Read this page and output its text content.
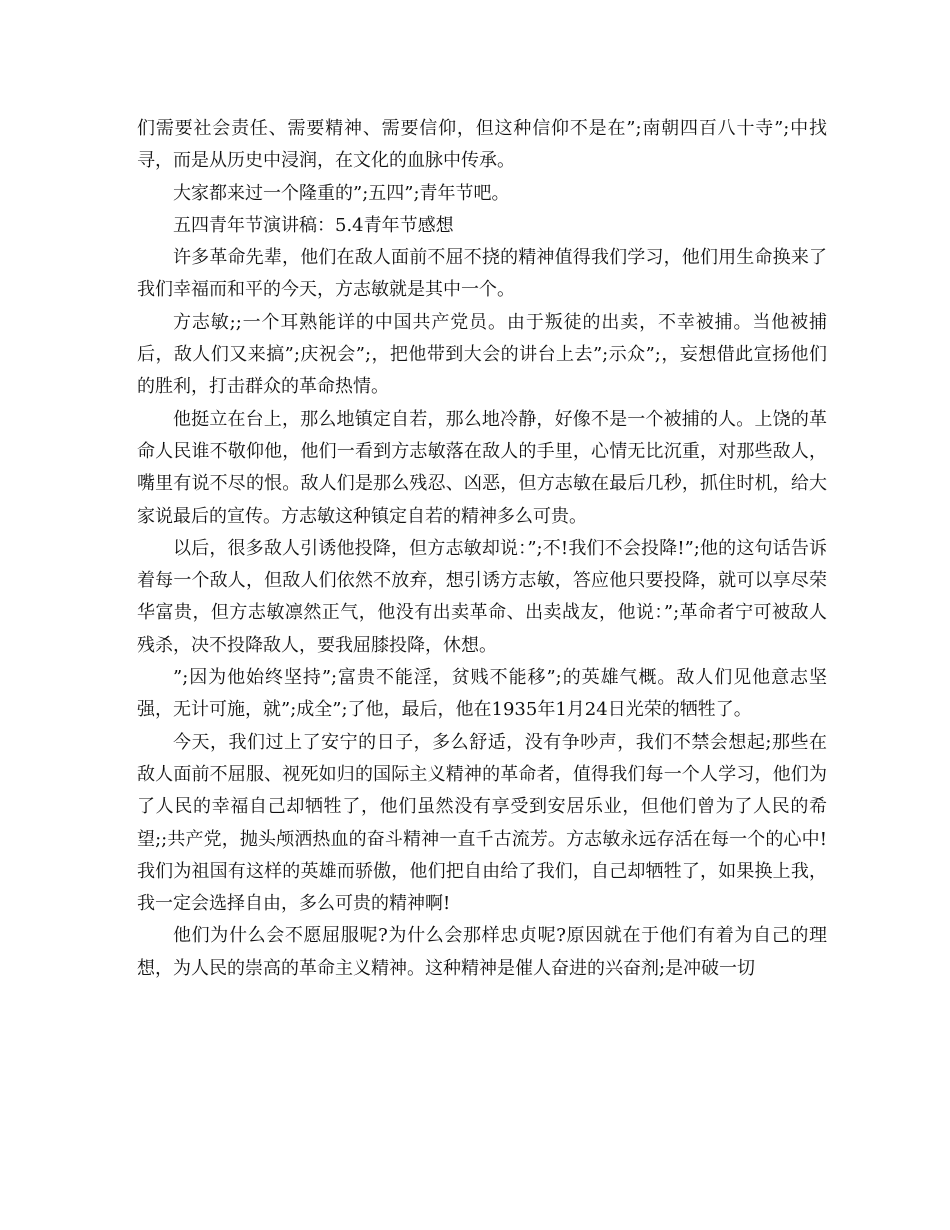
们需要社会责任、需要精神、需要信仰，但这种信仰不是在”;南朝四百八十寺”;中找寻，而是从历史中浸润，在文化的血脉中传承。

大家都来过一个隆重的”;五四”;青年节吧。

五四青年节演讲稿：5.4青年节感想

许多革命先辈，他们在敌人面前不屈不挠的精神值得我们学习，他们用生命换来了我们幸福而和平的今天，方志敏就是其中一个。

方志敏;;一个耳熟能详的中国共产党员。由于叛徒的出卖，不幸被捕。当他被捕后，敌人们又来搞”;庆祝会”;，把他带到大会的讲台上去”;示众”;，妄想借此宣扬他们的胜利，打击群众的革命热情。

他挺立在台上，那么地镇定自若，那么地冷静，好像不是一个被捕的人。上饶的革命人民谁不敬仰他，他们一看到方志敏落在敌人的手里，心情无比沉重，对那些敌人，嘴里有说不尽的恨。敌人们是那么残忍、凶恶，但方志敏在最后几秒，抓住时机，给大家说最后的宣传。方志敏这种镇定自若的精神多么可贵。

以后，很多敌人引诱他投降，但方志敏却说：”;不!我们不会投降!”;他的这句话告诉着每一个敌人，但敌人们依然不放弃，想引诱方志敏，答应他只要投降，就可以享尽荣华富贵，但方志敏凛然正气，他没有出卖革命、出卖战友，他说：”;革命者宁可被敌人残杀，决不投降敌人，要我屈膝投降，休想。

”;因为他始终坚持”;富贵不能淫，贫贱不能移”;的英雄气概。敌人们见他意志坚强，无计可施，就”;成全”;了他，最后，他在1935年1月24日光荣的牺牲了。

今天，我们过上了安宁的日子，多么舒适，没有争吵声，我们不禁会想起;那些在敌人面前不屈服、视死如归的国际主义精神的革命者，值得我们每一个人学习，他们为了人民的幸福自己却牺牲了，他们虽然没有享受到安居乐业，但他们曾为了人民的希望;;共产党，抛头颅洒热血的奋斗精神一直千古流芳。方志敏永远存活在每一个的心中!我们为祖国有这样的英雄而骄傲，他们把自由给了我们，自己却牺牲了，如果换上我，我一定会选择自由，多么可贵的精神啊!

他们为什么会不愿屈服呢?为什么会那样忠贞呢?原因就在于他们有着为自己的理想，为人民的崇高的革命主义精神。这种精神是催人奋进的兴奋剂;是冲破一切
